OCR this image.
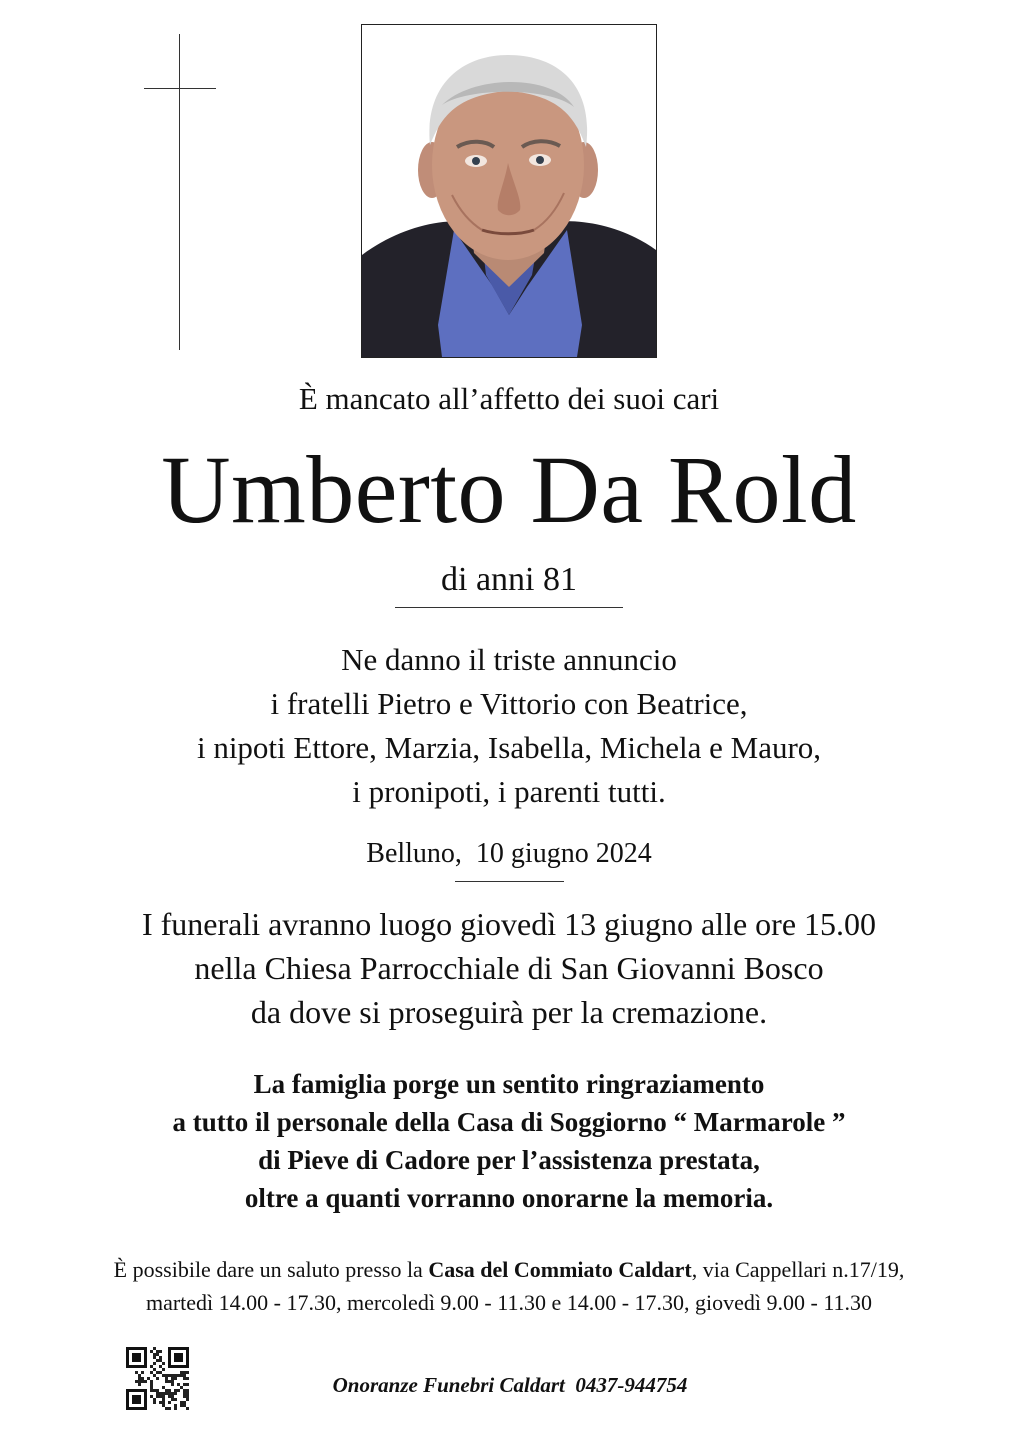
È mancato all’affetto dei suoi cari
Umberto Da Rold
di anni 81
Ne danno il triste annuncio
i fratelli Pietro e Vittorio con Beatrice,
i nipoti Ettore, Marzia, Isabella, Michela e Mauro,
i pronipoti, i parenti tutti.
Belluno,  10 giugno 2024
I funerali avranno luogo giovedì 13 giugno alle ore 15.00
nella Chiesa Parrocchiale di San Giovanni Bosco
da dove si proseguirà per la cremazione.
La famiglia porge un sentito ringraziamento
a tutto il personale della Casa di Soggiorno “ Marmarole ”
di Pieve di Cadore per l’assistenza prestata,
oltre a quanti vorranno onorarne la memoria.
È possibile dare un saluto presso la Casa del Commiato Caldart, via Cappellari n.17/19,
martedì 14.00 - 17.30, mercoledì 9.00 - 11.30 e 14.00 - 17.30, giovedì 9.00 - 11.30
Onoranze Funebri Caldart  0437-944754
